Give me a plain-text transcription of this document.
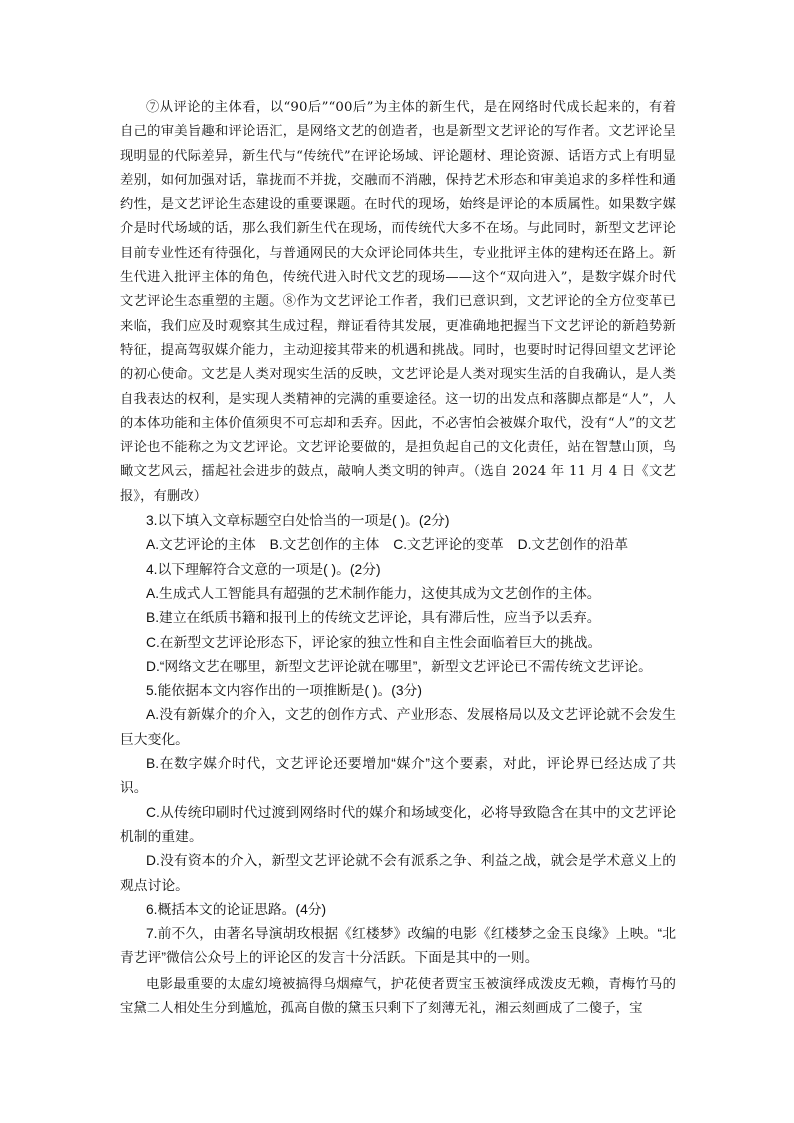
⑦从评论的主体看，以“90后”“00后”为主体的新生代，是在网络时代成长起来的，有着自己的审美旨趣和评论语汇，是网络文艺的创造者，也是新型文艺评论的写作者。文艺评论呈现明显的代际差异，新生代与“传统代”在评论场域、评论题材、理论资源、话语方式上有明显差别，如何加强对话，靠拢而不并拢，交融而不消融，保持艺术形态和审美追求的多样性和通约性，是文艺评论生态建设的重要课题。在时代的现场，始终是评论的本质属性。如果数字媒介是时代场域的话，那么我们新生代在现场，而传统代大多不在场。与此同时，新型文艺评论目前专业性还有待强化，与普通网民的大众评论同体共生，专业批评主体的建构还在路上。新生代进入批评主体的角色，传统代进入时代文艺的现场——这个“双向进入”，是数字媒介时代文艺评论生态重塑的主题。⑧作为文艺评论工作者，我们已意识到，文艺评论的全方位变革已来临，我们应及时观察其生成过程，辩证看待其发展，更准确地把握当下文艺评论的新趋势新特征，提高驾驭媒介能力，主动迎接其带来的机遇和挑战。同时，也要时时记得回望文艺评论的初心使命。文艺是人类对现实生活的反映，文艺评论是人类对现实生活的自我确认，是人类自我表达的权利，是实现人类精神的完满的重要途径。这一切的出发点和落脚点都是“人”，人的本体功能和主体价值须臾不可忘却和丢弃。因此，不必害怕会被媒介取代，没有“人”的文艺评论也不能称之为文艺评论。文艺评论要做的，是担负起自己的文化责任，站在智慧山顶，鸟瞰文艺风云，擂起社会进步的鼓点，敲响人类文明的钟声。（选自 2024 年 11 月 4 日《文艺报》，有删改）

3.以下填入文章标题空白处恰当的一项是( )。(2分)

A.文艺评论的主体 B.文艺创作的主体 C.文艺评论的变革 D.文艺创作的沿革

4.以下理解符合文意的一项是( )。(2分)

A.生成式人工智能具有超强的艺术制作能力，这使其成为文艺创作的主体。

B.建立在纸质书籍和报刊上的传统文艺评论，具有滞后性，应当予以丢弃。

C.在新型文艺评论形态下，评论家的独立性和自主性会面临着巨大的挑战。

D.“网络文艺在哪里，新型文艺评论就在哪里”，新型文艺评论已不需传统文艺评论。

5.能依据本文内容作出的一项推断是( )。(3分)

A.没有新媒介的介入，文艺的创作方式、产业形态、发展格局以及文艺评论就不会发生巨大变化。

B.在数字媒介时代，文艺评论还要增加“媒介”这个要素，对此，评论界已经达成了共识。

C.从传统印刷时代过渡到网络时代的媒介和场域变化，必将导致隐含在其中的文艺评论机制的重建。

D.没有资本的介入，新型文艺评论就不会有派系之争、利益之战，就会是学术意义上的观点讨论。

6.概括本文的论证思路。(4分)

7.前不久，由著名导演胡玫根据《红楼梦》改编的电影《红楼梦之金玉良缘》上映。“北青艺评”微信公众号上的评论区的发言十分活跃。下面是其中的一则。

电影最重要的太虚幻境被搞得乌烟瘴气，护花使者贾宝玉被演绎成泼皮无赖，青梅竹马的宝黛二人相处生分到尴尬，孤高自傲的黛玉只剩下了刻薄无礼，湘云刻画成了二傻子，宝
